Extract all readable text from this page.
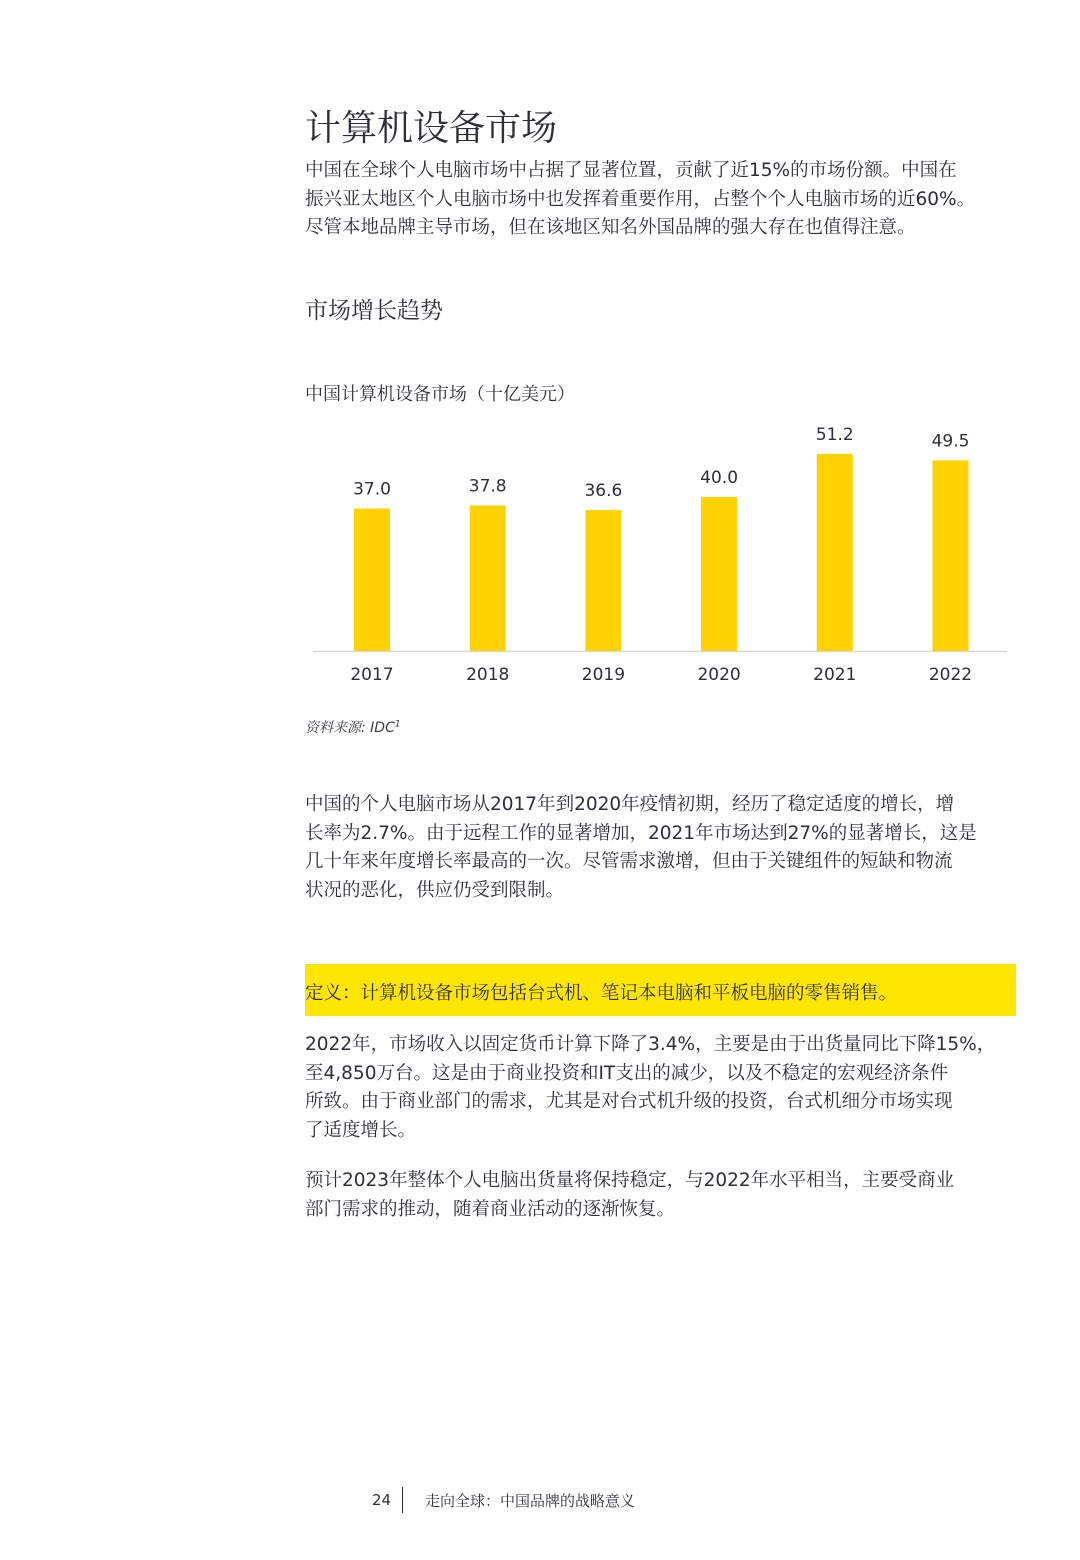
计算机设备市场
中国在全球个人电脑市场中占据了显著位置，贡献了近15%的市场份额。中国在
振兴亚太地区个人电脑市场中也发挥着重要作用，占整个个人电脑市场的近60%。
尽管本地品牌主导市场，但在该地区知名外国品牌的强大存在也值得注意。
市场增长趋势
中国计算机设备市场（十亿美元）
37.0
2017
37.8
2018
36.6
2019
40.0
2020
51.2
2021
49.5
2022
资料来源: IDC$^1$
中国的个人电脑市场从2017年到2020年疫情初期，经历了稳定适度的增长，增
长率为2.7%。由于远程工作的显著增加，2021年市场达到27%的显著增长，这是
几十年来年度增长率最高的一次。尽管需求激增，但由于关键组件的短缺和物流
状况的恶化，供应仍受到限制。
定义：计算机设备市场包括台式机、笔记本电脑和平板电脑的零售销售。
2022年，市场收入以固定货币计算下降了3.4%，主要是由于出货量同比下降15%，
至4,850万台。这是由于商业投资和IT支出的减少，以及不稳定的宏观经济条件
所致。由于商业部门的需求，尤其是对台式机升级的投资，台式机细分市场实现
了适度增长。
预计2023年整体个人电脑出货量将保持稳定，与2022年水平相当，主要受商业
部门需求的推动，随着商业活动的逐渐恢复。
24 走向全球：中国品牌的战略意义
